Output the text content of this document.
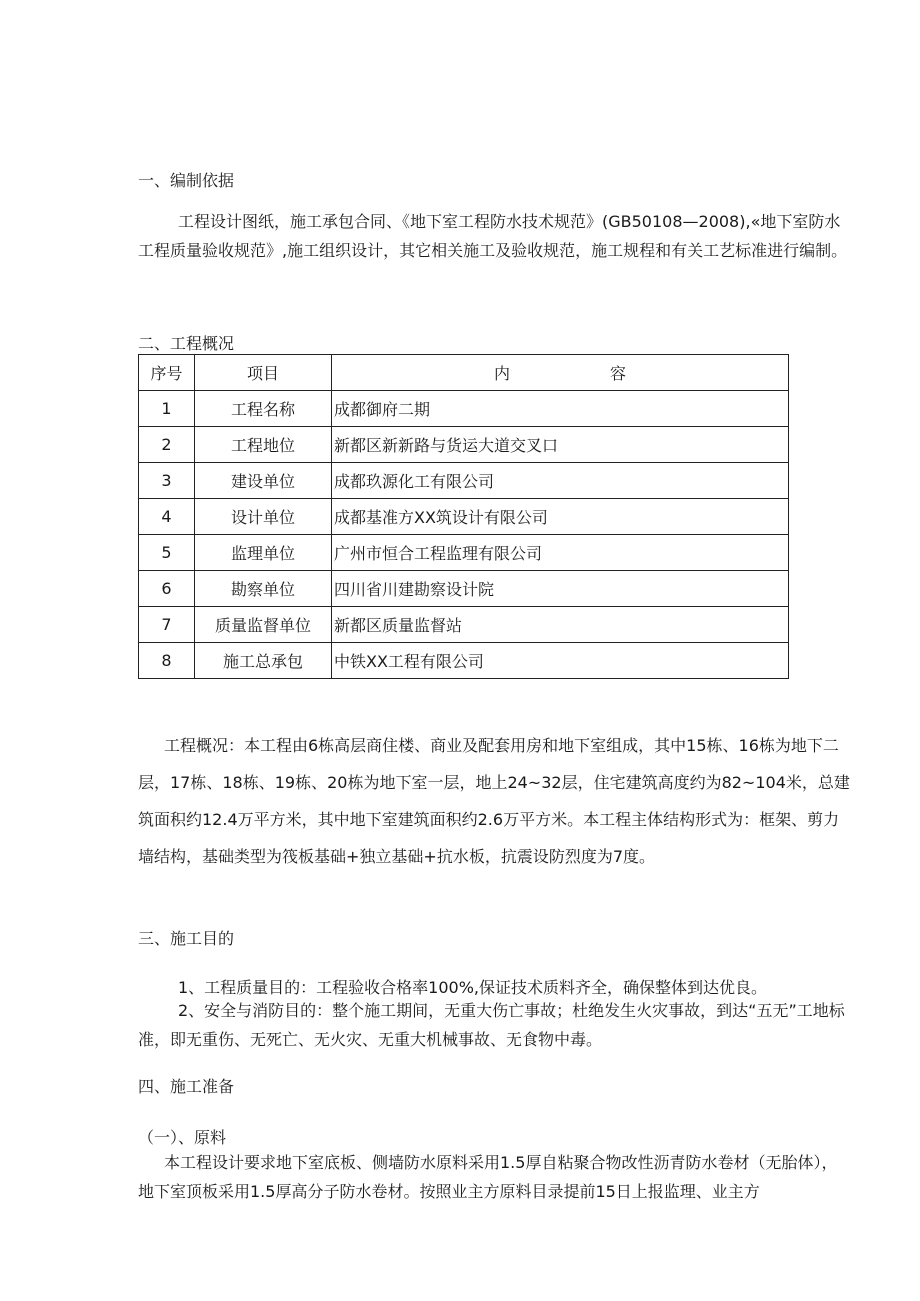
一、编制依据

工程设计图纸，施工承包合同、《地下室工程防水技术规范》(GB50108—2008),«地下室防水工程质量验收规范》,施工组织设计，其它相关施工及验收规范，施工规程和有关工艺标准进行编制。

二、工程概况

序号	项目	内 容
1	工程名称	成都御府二期
2	工程地位	新都区新新路与货运大道交叉口
3	建设单位	成都玖源化工有限公司
4	设计单位	成都基准方XX筑设计有限公司
5	监理单位	广州市恒合工程监理有限公司
6	勘察单位	四川省川建勘察设计院
7	质量监督单位	新都区质量监督站
8	施工总承包	中铁XX工程有限公司

工程概况：本工程由6栋高层商住楼、商业及配套用房和地下室组成，其中15栋、16栋为地下二层，17栋、18栋、19栋、20栋为地下室一层，地上24~32层，住宅建筑高度约为82~104米，总建筑面积约12.4万平方米，其中地下室建筑面积约2.6万平方米。本工程主体结构形式为：框架、剪力墙结构，基础类型为筏板基础+独立基础+抗水板，抗震设防烈度为7度。

三、施工目的

1、工程质量目的：工程验收合格率100%,保证技术质料齐全，确保整体到达优良。

2、安全与消防目的：整个施工期间，无重大伤亡事故；杜绝发生火灾事故，到达“五无”工地标准，即无重伤、无死亡、无火灾、无重大机械事故、无食物中毒。

四、施工准备

（一）、原料

本工程设计要求地下室底板、侧墙防水原料采用1.5厚自粘聚合物改性沥青防水卷材（无胎体），地下室顶板采用1.5厚高分子防水卷材。按照业主方原料目录提前15日上报监理、业主方
